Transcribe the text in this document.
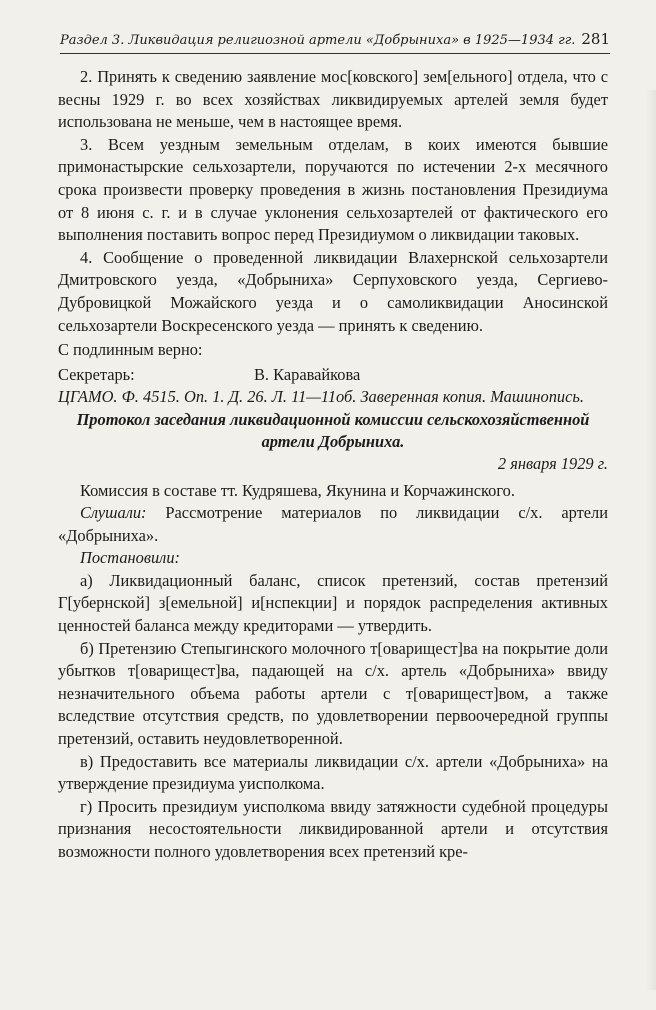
Раздел 3. Ликвидация религиозной артели «Добрыниха» в 1925—1934 гг. 281

2. Принять к сведению заявление мос[ковского] зем[ельного] отдела, что с весны 1929 г. во всех хозяйствах ликвидируемых артелей земля будет использована не меньше, чем в настоящее время.

3. Всем уездным земельным отделам, в коих имеются бывшие примонастырские сельхозартели, поручаются по истечении 2-х месячного срока произвести проверку проведения в жизнь постановления Президиума от 8 июня с. г. и в случае уклонения сельхозартелей от фактического его выполнения поставить вопрос перед Президиумом о ликвидации таковых.

4. Сообщение о проведенной ликвидации Влахернской сельхозартели Дмитровского уезда, «Добрыниха» Серпуховского уезда, Сергиево-Дубровицкой Можайского уезда и о самоликвидации Аносинской сельхозартели Воскресенского уезда — принять к сведению.

С подлинным верно:

Секретарь:	В. Каравайкова

ЦГАМО. Ф. 4515. Оп. 1. Д. 26. Л. 11—11об. Заверенная копия. Машинопись.

Протокол заседания ликвидационной комиссии сельскохозяйственной артели Добрыниха.

2 января 1929 г.

Комиссия в составе тт. Кудряшева, Якунина и Корчажинского.

Слушали: Рассмотрение материалов по ликвидации с/х. артели «Добрыниха».

Постановили:

а) Ликвидационный баланс, список претензий, состав претензий Г[убернской] з[емельной] и[нспекции] и порядок распределения активных ценностей баланса между кредиторами — утвердить.

б) Претензию Степыгинского молочного т[оварищест]ва на покрытие доли убытков т[оварищест]ва, падающей на с/х. артель «Добрыниха» ввиду незначительного объема работы артели с т[оварищест]вом, а также вследствие отсутствия средств, по удовлетворении первоочередной группы претензий, оставить неудовлетворенной.

в) Предоставить все материалы ликвидации с/х. артели «Добрыниха» на утверждение президиума уисполкома.

г) Просить президиум уисполкома ввиду затяжности судебной процедуры признания несостоятельности ликвидированной артели и отсутствия возможности полного удовлетворения всех претензий кре-
